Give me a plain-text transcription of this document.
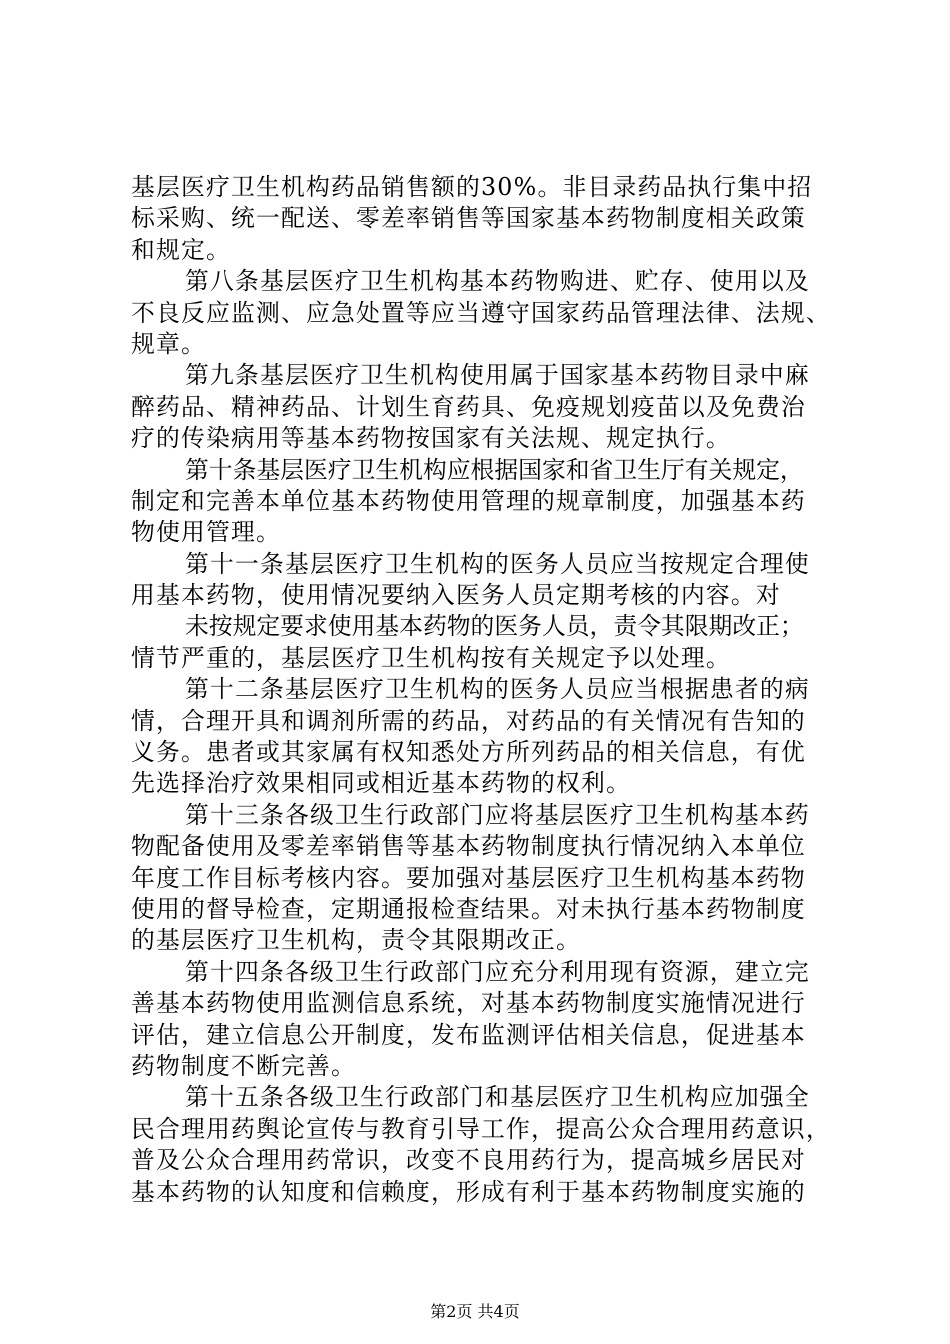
基层医疗卫生机构药品销售额的30%。非目录药品执行集中招
标采购、统一配送、零差率销售等国家基本药物制度相关政策
和规定。
第八条基层医疗卫生机构基本药物购进、贮存、使用以及
不良反应监测、应急处置等应当遵守国家药品管理法律、法规、
规章。
第九条基层医疗卫生机构使用属于国家基本药物目录中麻
醉药品、精神药品、计划生育药具、免疫规划疫苗以及免费治
疗的传染病用等基本药物按国家有关法规、规定执行。
第十条基层医疗卫生机构应根据国家和省卫生厅有关规定，
制定和完善本单位基本药物使用管理的规章制度，加强基本药
物使用管理。
第十一条基层医疗卫生机构的医务人员应当按规定合理使
用基本药物，使用情况要纳入医务人员定期考核的内容。对
未按规定要求使用基本药物的医务人员，责令其限期改正；
情节严重的，基层医疗卫生机构按有关规定予以处理。
第十二条基层医疗卫生机构的医务人员应当根据患者的病
情，合理开具和调剂所需的药品，对药品的有关情况有告知的
义务。患者或其家属有权知悉处方所列药品的相关信息，有优
先选择治疗效果相同或相近基本药物的权利。
第十三条各级卫生行政部门应将基层医疗卫生机构基本药
物配备使用及零差率销售等基本药物制度执行情况纳入本单位
年度工作目标考核内容。要加强对基层医疗卫生机构基本药物
使用的督导检查，定期通报检查结果。对未执行基本药物制度
的基层医疗卫生机构，责令其限期改正。
第十四条各级卫生行政部门应充分利用现有资源，建立完
善基本药物使用监测信息系统，对基本药物制度实施情况进行
评估，建立信息公开制度，发布监测评估相关信息，促进基本
药物制度不断完善。
第十五条各级卫生行政部门和基层医疗卫生机构应加强全
民合理用药舆论宣传与教育引导工作，提高公众合理用药意识，
普及公众合理用药常识，改变不良用药行为，提高城乡居民对
基本药物的认知度和信赖度，形成有利于基本药物制度实施的
第2页 共4页
